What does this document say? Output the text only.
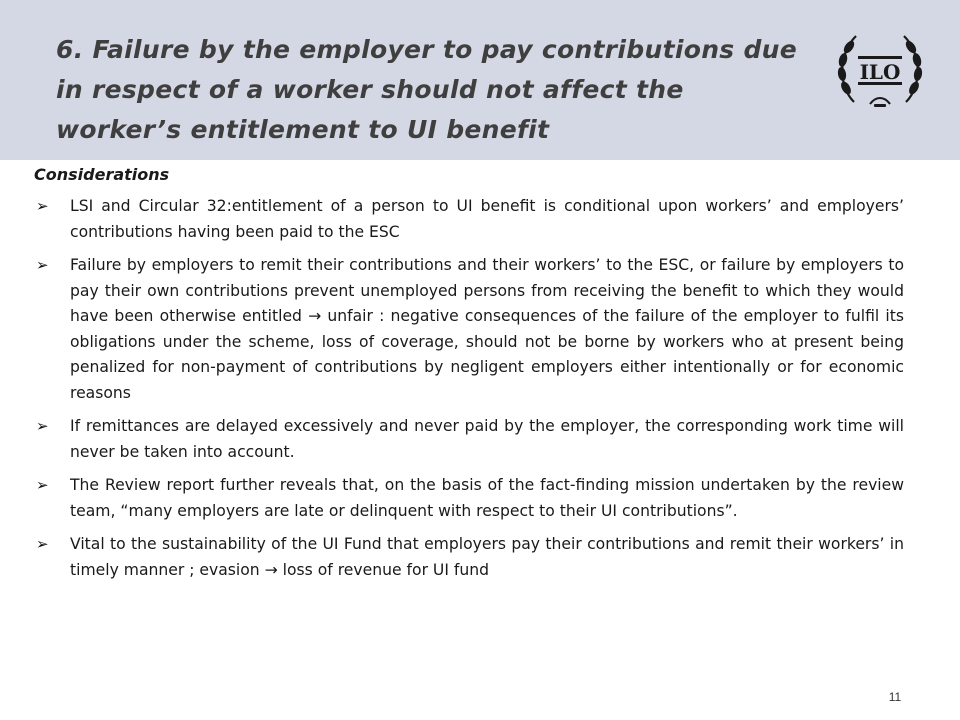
6. Failure by the employer to pay contributions due in respect of a worker should not affect the worker’s entitlement to UI benefit
ILO

Considerations

➢ LSI and Circular 32:entitlement of a person to UI benefit is conditional upon workers’ and employers’ contributions having been paid to the ESC
➢ Failure by employers to remit their contributions and their workers’ to the ESC, or failure by employers to pay their own contributions prevent unemployed persons from receiving the benefit to which they would have been otherwise entitled → unfair : negative consequences of the failure of the employer to fulfil its obligations under the scheme, loss of coverage, should not be borne by workers who at present being penalized for non-payment of contributions by negligent employers either intentionally or for economic reasons
➢ If remittances are delayed excessively and never paid by the employer, the corresponding work time will never be taken into account.
➢ The Review report further reveals that, on the basis of the fact-finding mission undertaken by the review team, “many employers are late or delinquent with respect to their UI contributions”.
➢ Vital to the sustainability of the UI Fund that employers pay their contributions and remit their workers’ in timely manner ; evasion → loss of revenue for UI fund
11
